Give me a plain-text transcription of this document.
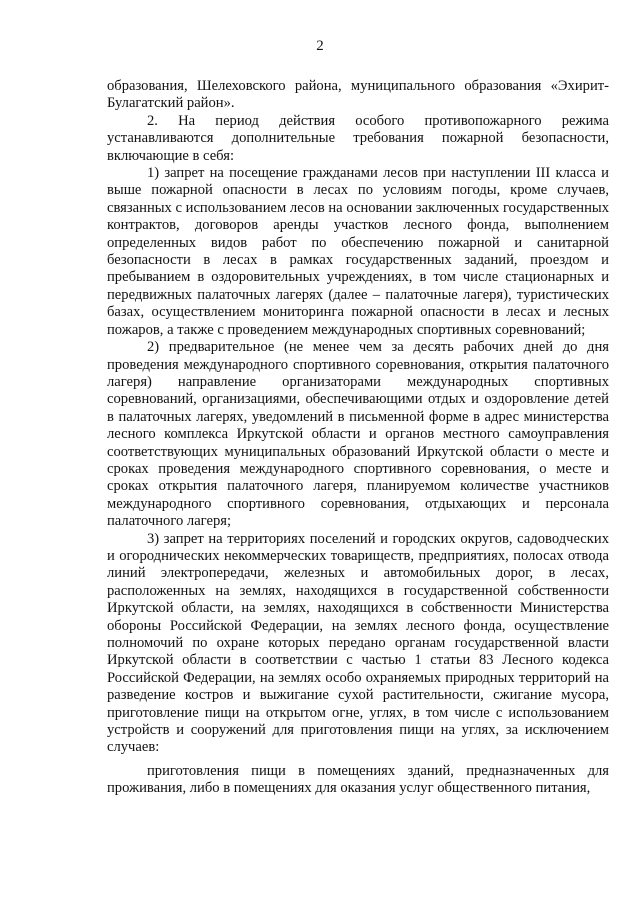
2

образования, Шелеховского района, муниципального образования «Эхирит-Булагатский район».

2. На период действия особого противопожарного режима устанавливаются дополнительные требования пожарной безопасности, включающие в себя:

1) запрет на посещение гражданами лесов при наступлении III класса и выше пожарной опасности в лесах по условиям погоды, кроме случаев, связанных с использованием лесов на основании заключенных государственных контрактов, договоров аренды участков лесного фонда, выполнением определенных видов работ по обеспечению пожарной и санитарной безопасности в лесах в рамках государственных заданий, проездом и пребыванием в оздоровительных учреждениях, в том числе стационарных и передвижных палаточных лагерях (далее – палаточные лагеря), туристических базах, осуществлением мониторинга пожарной опасности в лесах и лесных пожаров, а также с проведением международных спортивных соревнований;

2) предварительное (не менее чем за десять рабочих дней до дня проведения международного спортивного соревнования, открытия палаточного лагеря) направление организаторами международных спортивных соревнований, организациями, обеспечивающими отдых и оздоровление детей в палаточных лагерях, уведомлений в письменной форме в адрес министерства лесного комплекса Иркутской области и органов местного самоуправления соответствующих муниципальных образований Иркутской области о месте и сроках проведения международного спортивного соревнования, о месте и сроках открытия палаточного лагеря, планируемом количестве участников международного спортивного соревнования, отдыхающих и персонала палаточного лагеря;

3) запрет на территориях поселений и городских округов, садоводческих и огороднических некоммерческих товариществ, предприятиях, полосах отвода линий электропередачи, железных и автомобильных дорог, в лесах, расположенных на землях, находящихся в государственной собственности Иркутской области, на землях, находящихся в собственности Министерства обороны Российской Федерации, на землях лесного фонда, осуществление полномочий по охране которых передано органам государственной власти Иркутской области в соответствии с частью 1 статьи 83 Лесного кодекса Российской Федерации, на землях особо охраняемых природных территорий на разведение костров и выжигание сухой растительности, сжигание мусора, приготовление пищи на открытом огне, углях, в том числе с использованием устройств и сооружений для приготовления пищи на углях, за исключением случаев:

приготовления пищи в помещениях зданий, предназначенных для проживания, либо в помещениях для оказания услуг общественного питания,
